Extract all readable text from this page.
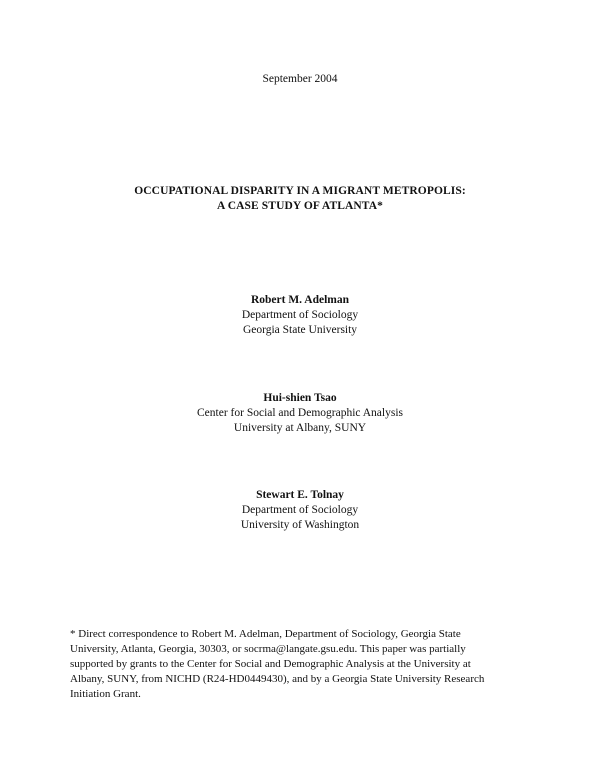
September 2004
OCCUPATIONAL DISPARITY IN A MIGRANT METROPOLIS:
A CASE STUDY OF ATLANTA*
Robert M. Adelman
Department of Sociology
Georgia State University
Hui-shien Tsao
Center for Social and Demographic Analysis
University at Albany, SUNY
Stewart E. Tolnay
Department of Sociology
University of Washington
* Direct correspondence to Robert M. Adelman, Department of Sociology, Georgia State
University, Atlanta, Georgia, 30303, or socrma@langate.gsu.edu. This paper was partially
supported by grants to the Center for Social and Demographic Analysis at the University at
Albany, SUNY, from NICHD (R24-HD0449430), and by a Georgia State University Research
Initiation Grant.
